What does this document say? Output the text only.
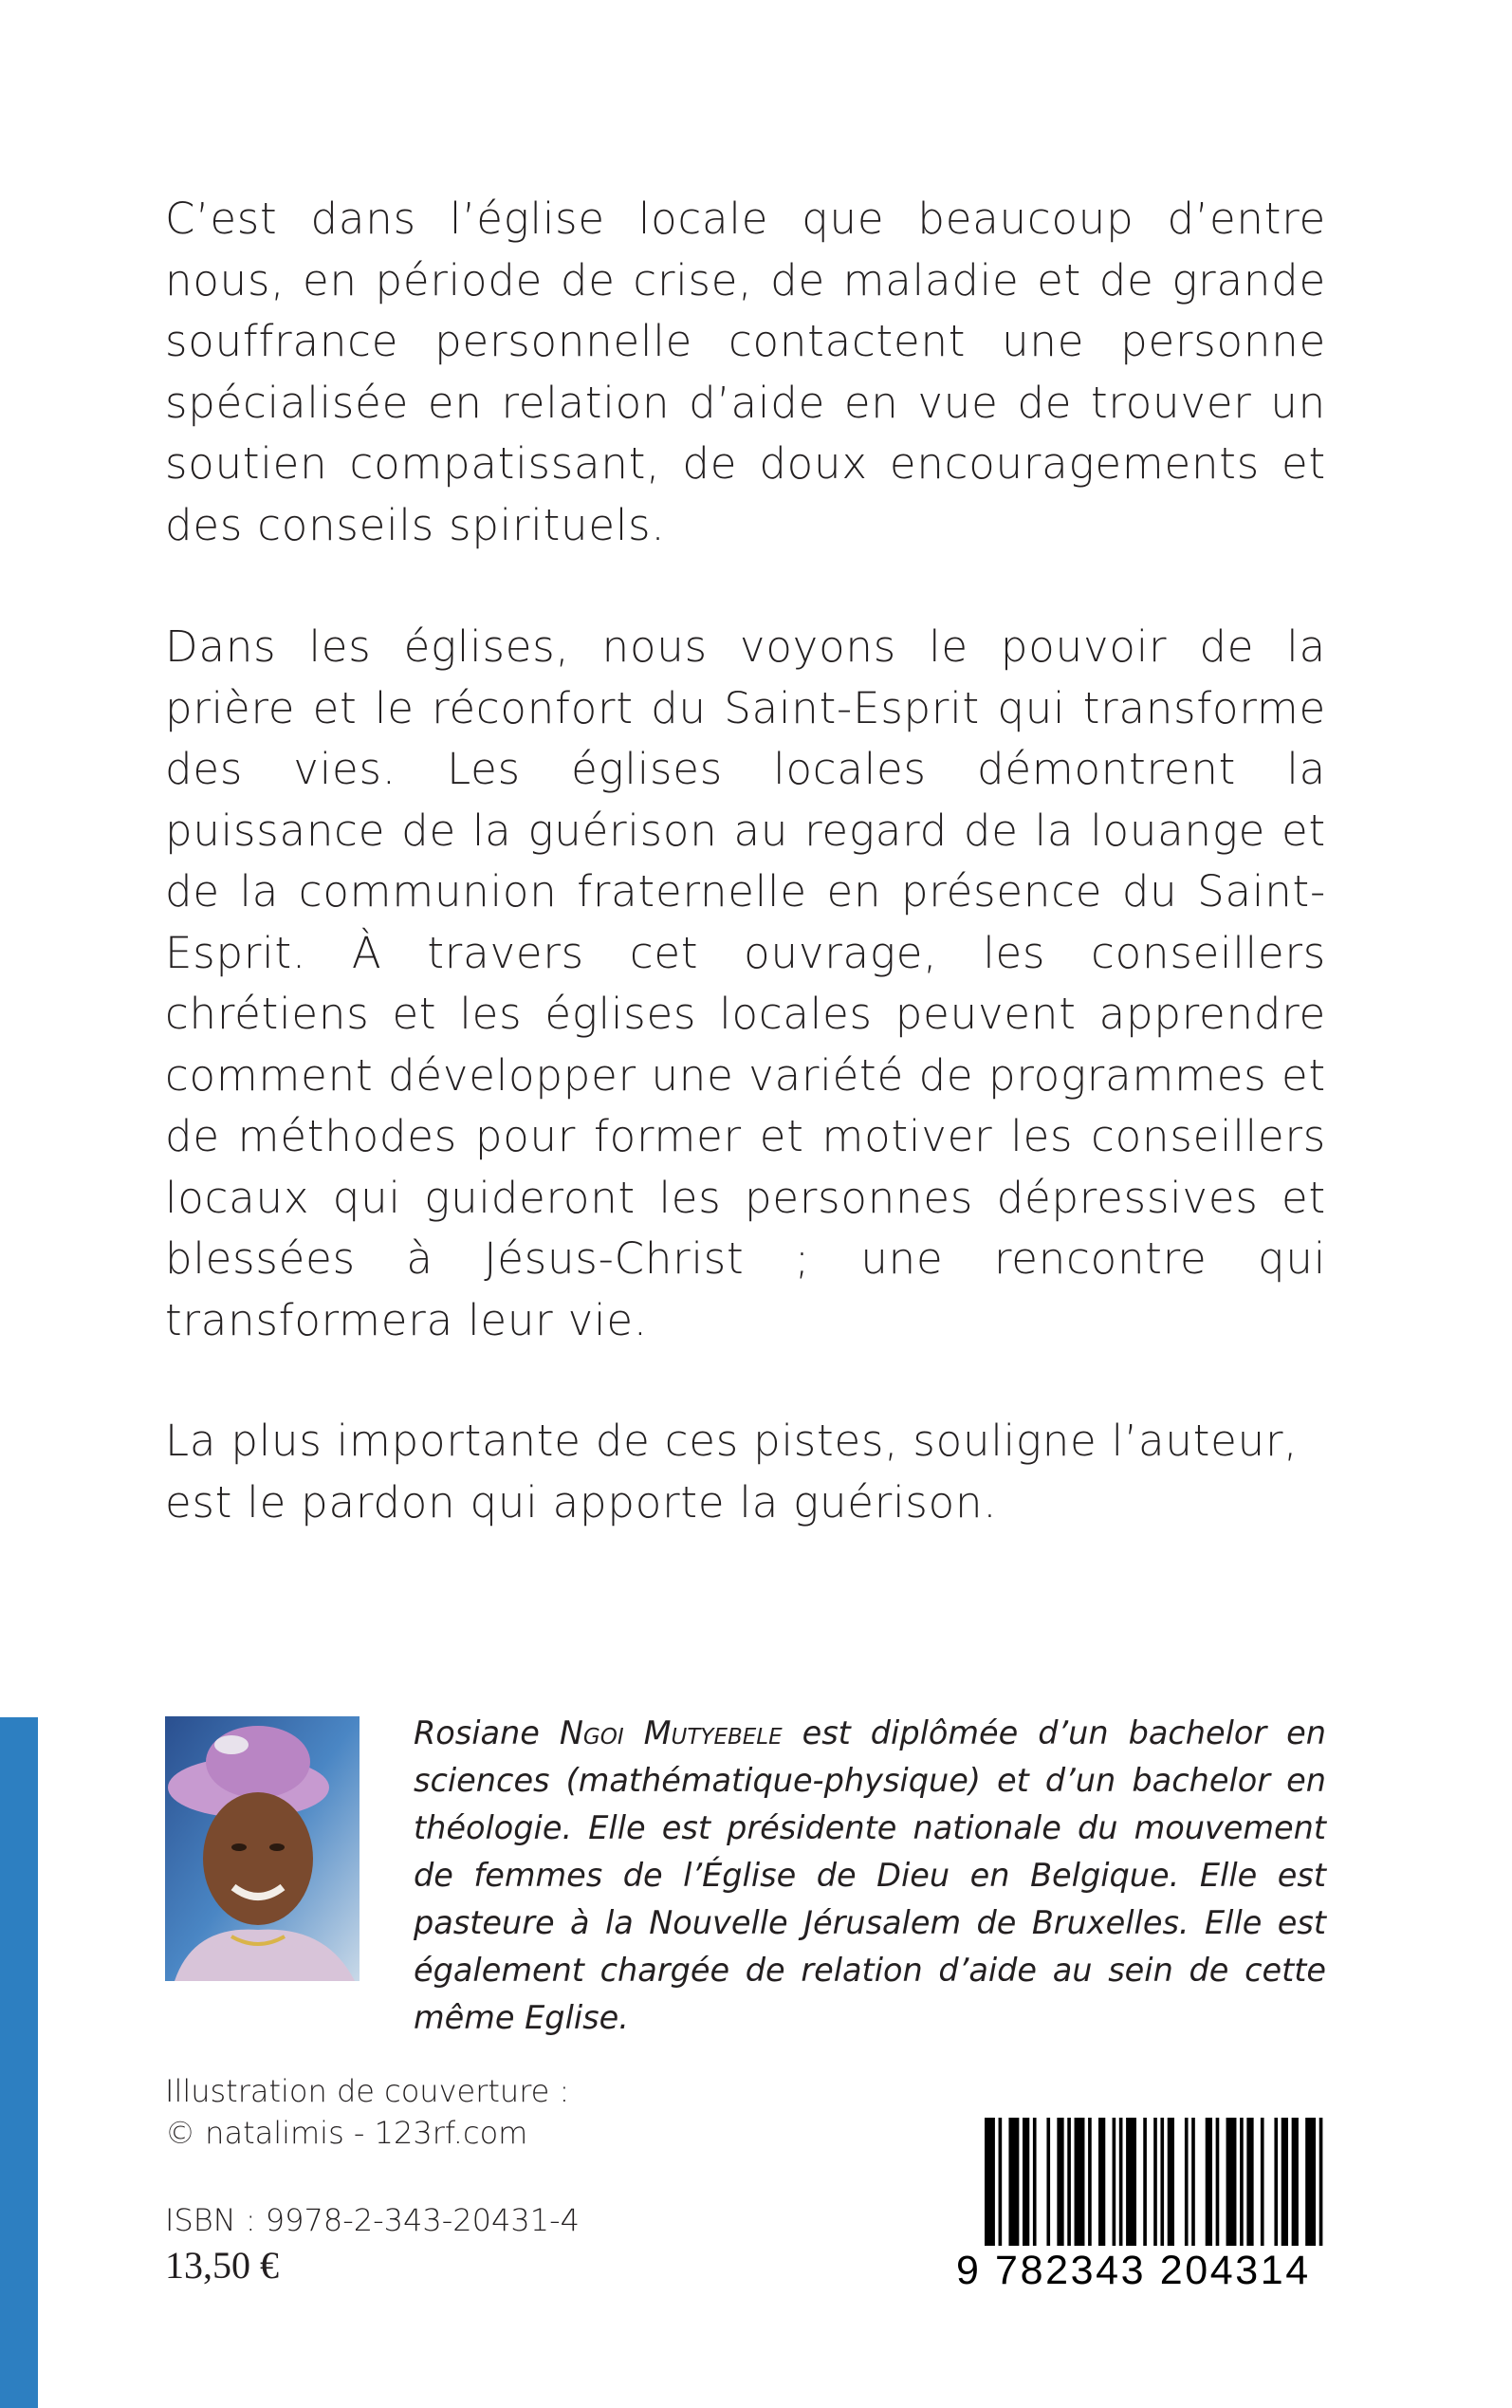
C’est dans l’église locale que beaucoup d’entre nous, en période de crise, de maladie et de grande souffrance personnelle contactent une personne spécialisée en relation d’aide en vue de trouver un soutien compatissant, de doux encouragements et des conseils spirituels.

Dans les églises, nous voyons le pouvoir de la prière et le réconfort du Saint-Esprit qui transforme des vies. Les églises locales démontrent la puissance de la guérison au regard de la louange et de la communion fraternelle en présence du Saint-Esprit. À travers cet ouvrage, les conseillers chrétiens et les églises locales peuvent apprendre comment développer une variété de programmes et de méthodes pour former et motiver les conseillers locaux qui guideront les personnes dépressives et blessées à Jésus-Christ ; une rencontre qui transformera leur vie.

La plus importante de ces pistes, souligne l’auteur, est le pardon qui apporte la guérison.

Rosiane Ngoi Mutyebele est diplômée d’un bachelor en sciences (mathématique-physique) et d’un bachelor en théologie. Elle est présidente nationale du mouvement de femmes de l’Église de Dieu en Belgique. Elle est pasteure à la Nouvelle Jérusalem de Bruxelles. Elle est également chargée de relation d’aide au sein de cette même Eglise.

Illustration de couverture :
© natalimis - 123rf.com
ISBN : 9978-2-343-20431-4
13,50 €	9 782343 204314
